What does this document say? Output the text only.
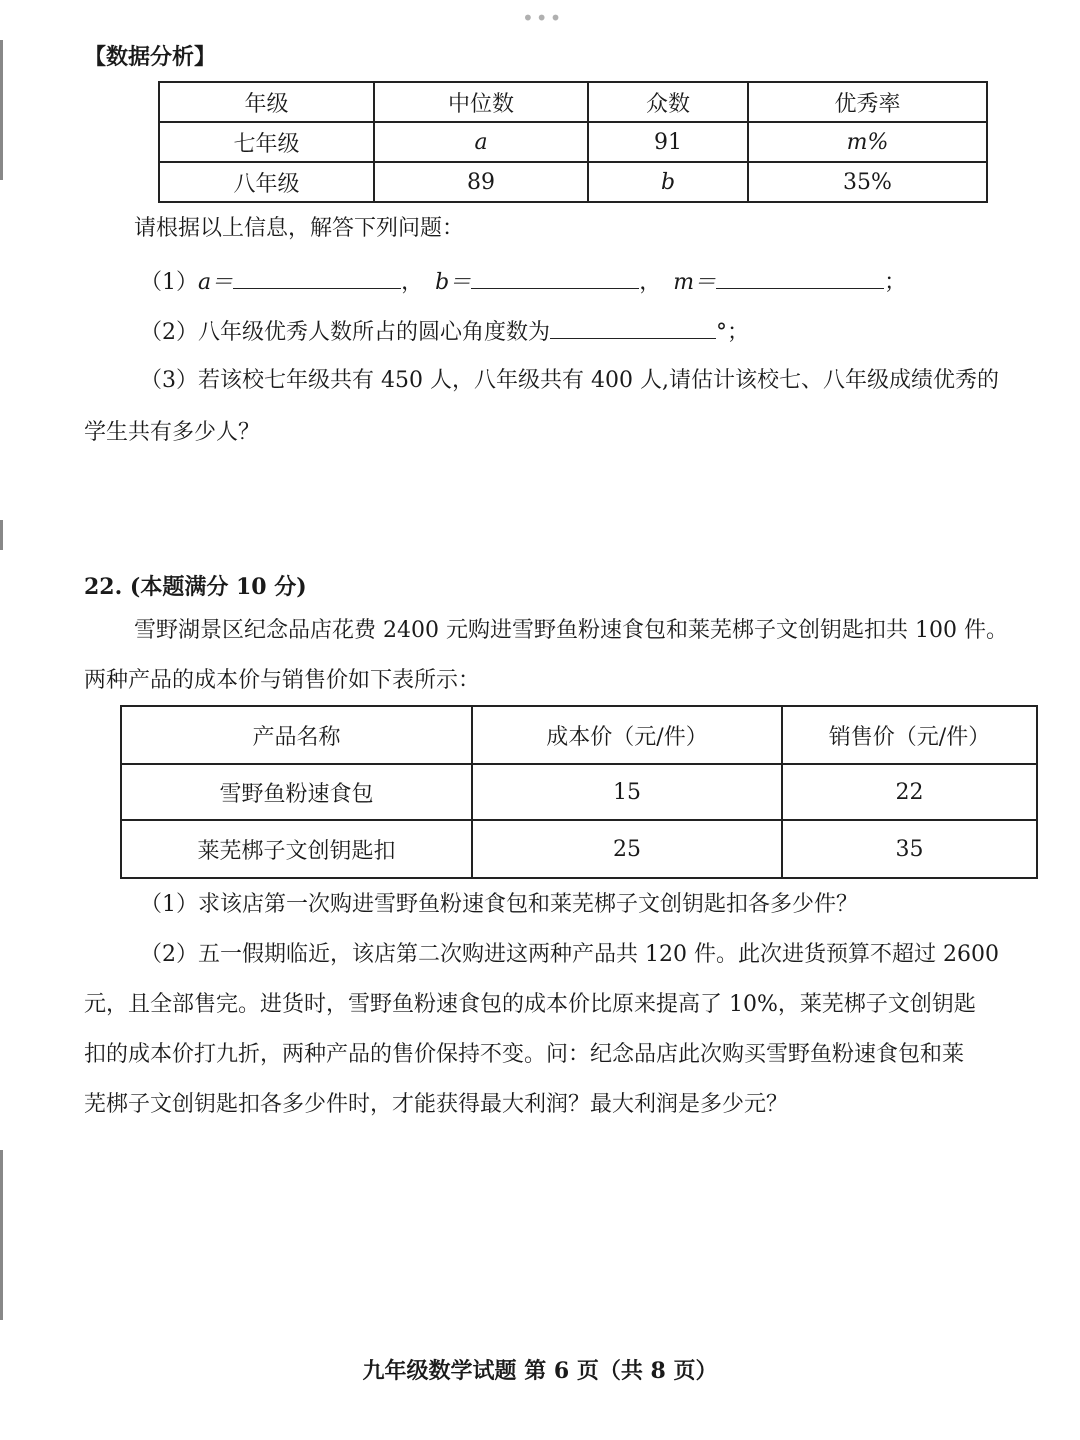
•••
【数据分析】
年级	中位数	众数	优秀率
七年级	a	91	m%
八年级	89	b	35%
请根据以上信息，解答下列问题：
（1）a＝	， b＝	， m＝	；
（2）八年级优秀人数所占的圆心角度数为	°；
（3）若该校七年级共有 450 人，八年级共有 400 人,请估计该校七、八年级成绩优秀的
学生共有多少人？
22. (本题满分 10 分)
雪野湖景区纪念品店花费 2400 元购进雪野鱼粉速食包和莱芜梆子文创钥匙扣共 100 件。
两种产品的成本价与销售价如下表所示：
产品名称	成本价（元/件）	销售价（元/件）
雪野鱼粉速食包	15	22
莱芜梆子文创钥匙扣	25	35
（1）求该店第一次购进雪野鱼粉速食包和莱芜梆子文创钥匙扣各多少件？
（2）五一假期临近，该店第二次购进这两种产品共 120 件。此次进货预算不超过 2600
元，且全部售完。进货时，雪野鱼粉速食包的成本价比原来提高了 10%，莱芜梆子文创钥匙
扣的成本价打九折，两种产品的售价保持不变。问：纪念品店此次购买雪野鱼粉速食包和莱
芜梆子文创钥匙扣各多少件时，才能获得最大利润？最大利润是多少元？
九年级数学试题 第 6 页（共 8 页）
